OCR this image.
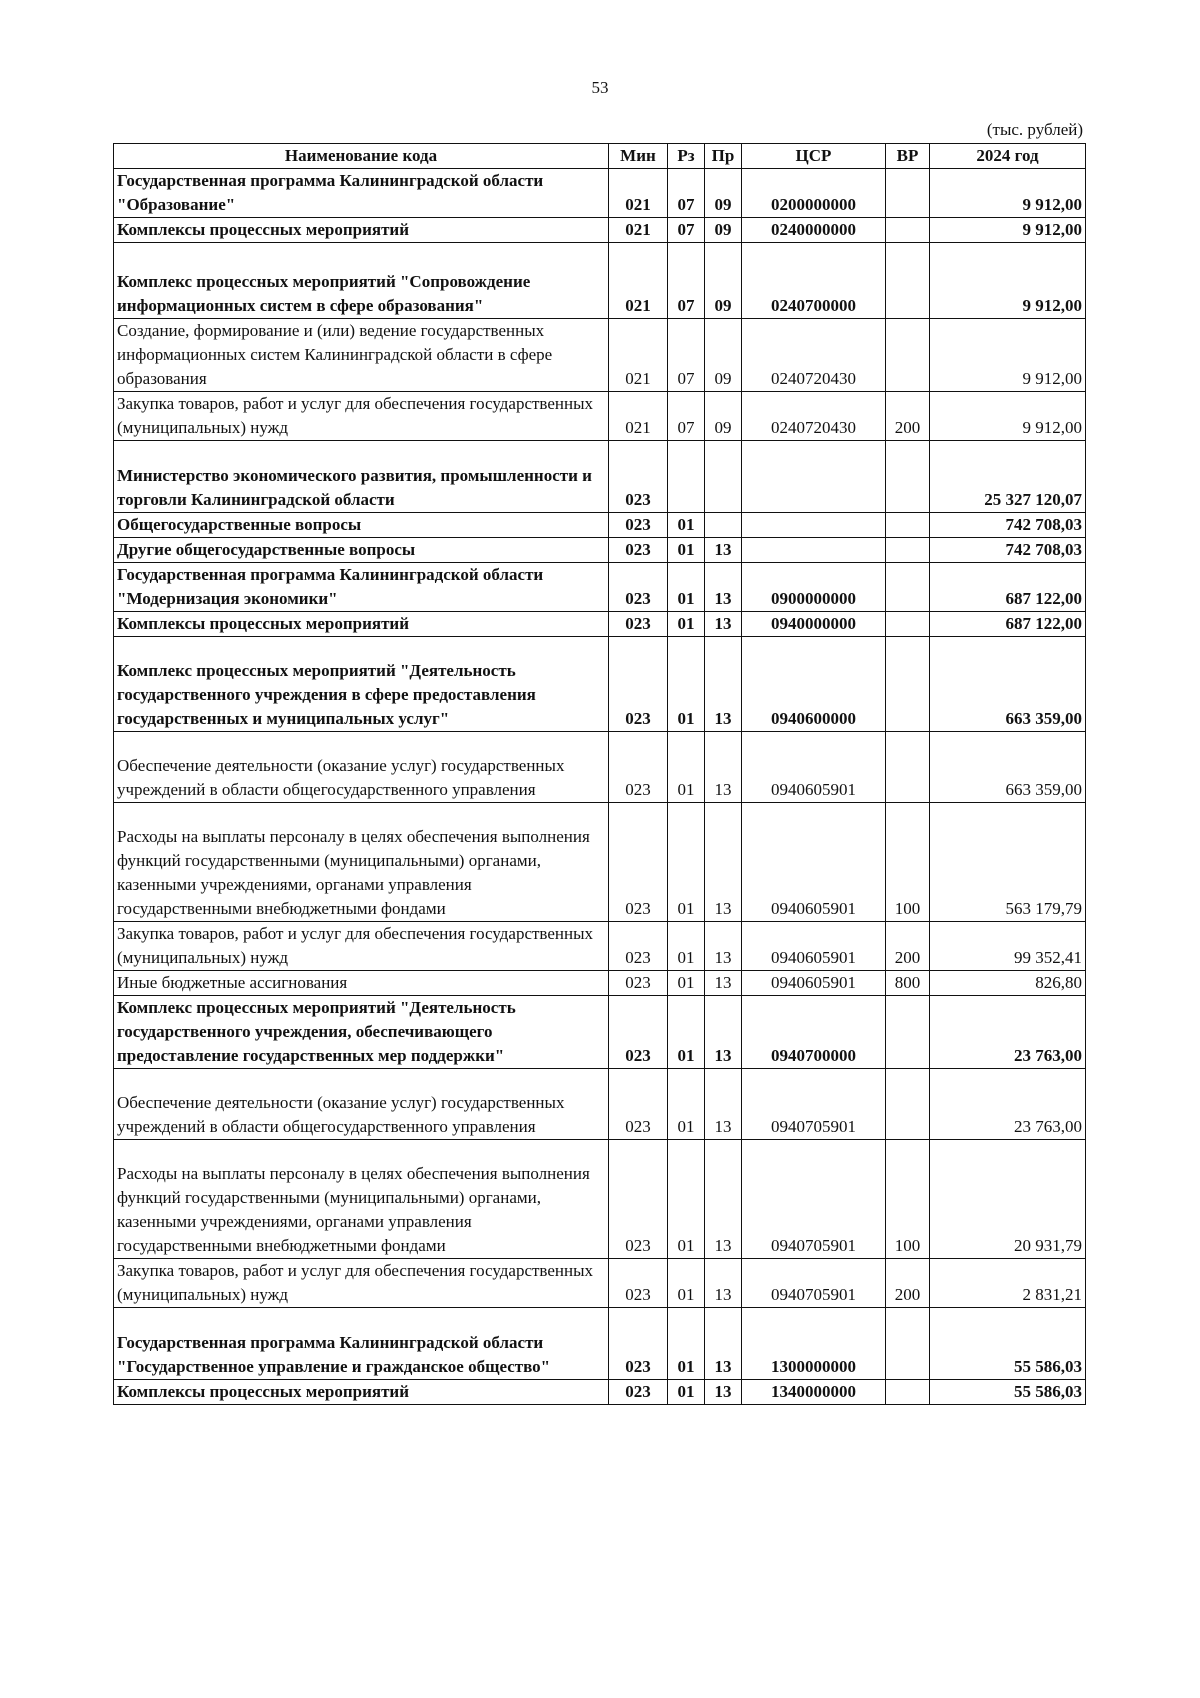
53
(тыс. рублей)
Наименование кода	Мин	Рз	Пр	ЦСР	ВР	2024 год
Государственная программа Калининградской области "Образование"	021	07	09	0200000000		9 912,00
Комплексы процессных мероприятий	021	07	09	0240000000		9 912,00
Комплекс процессных мероприятий "Сопровождение информационных систем в сфере образования"	021	07	09	0240700000		9 912,00
Создание, формирование и (или) ведение государственных информационных систем Калининградской области в сфере образования	021	07	09	0240720430		9 912,00
Закупка товаров, работ и услуг для обеспечения государственных (муниципальных) нужд	021	07	09	0240720430	200	9 912,00
Министерство экономического развития, промышленности и торговли Калининградской области	023					25 327 120,07
Общегосударственные вопросы	023	01				742 708,03
Другие общегосударственные вопросы	023	01	13			742 708,03
Государственная программа Калининградской области "Модернизация экономики"	023	01	13	0900000000		687 122,00
Комплексы процессных мероприятий	023	01	13	0940000000		687 122,00
Комплекс процессных мероприятий "Деятельность государственного учреждения в сфере предоставления государственных и муниципальных услуг"	023	01	13	0940600000		663 359,00
Обеспечение деятельности (оказание услуг) государственных учреждений в области общегосударственного управления	023	01	13	0940605901		663 359,00
Расходы на выплаты персоналу в целях обеспечения выполнения функций государственными (муниципальными) органами, казенными учреждениями, органами управления государственными внебюджетными фондами	023	01	13	0940605901	100	563 179,79
Закупка товаров, работ и услуг для обеспечения государственных (муниципальных) нужд	023	01	13	0940605901	200	99 352,41
Иные бюджетные ассигнования	023	01	13	0940605901	800	826,80
Комплекс процессных мероприятий "Деятельность государственного учреждения, обеспечивающего предоставление государственных мер поддержки"	023	01	13	0940700000		23 763,00
Обеспечение деятельности (оказание услуг) государственных учреждений в области общегосударственного управления	023	01	13	0940705901		23 763,00
Расходы на выплаты персоналу в целях обеспечения выполнения функций государственными (муниципальными) органами, казенными учреждениями, органами управления государственными внебюджетными фондами	023	01	13	0940705901	100	20 931,79
Закупка товаров, работ и услуг для обеспечения государственных (муниципальных) нужд	023	01	13	0940705901	200	2 831,21
Государственная программа Калининградской области "Государственное управление и гражданское общество"	023	01	13	1300000000		55 586,03
Комплексы процессных мероприятий	023	01	13	1340000000		55 586,03
